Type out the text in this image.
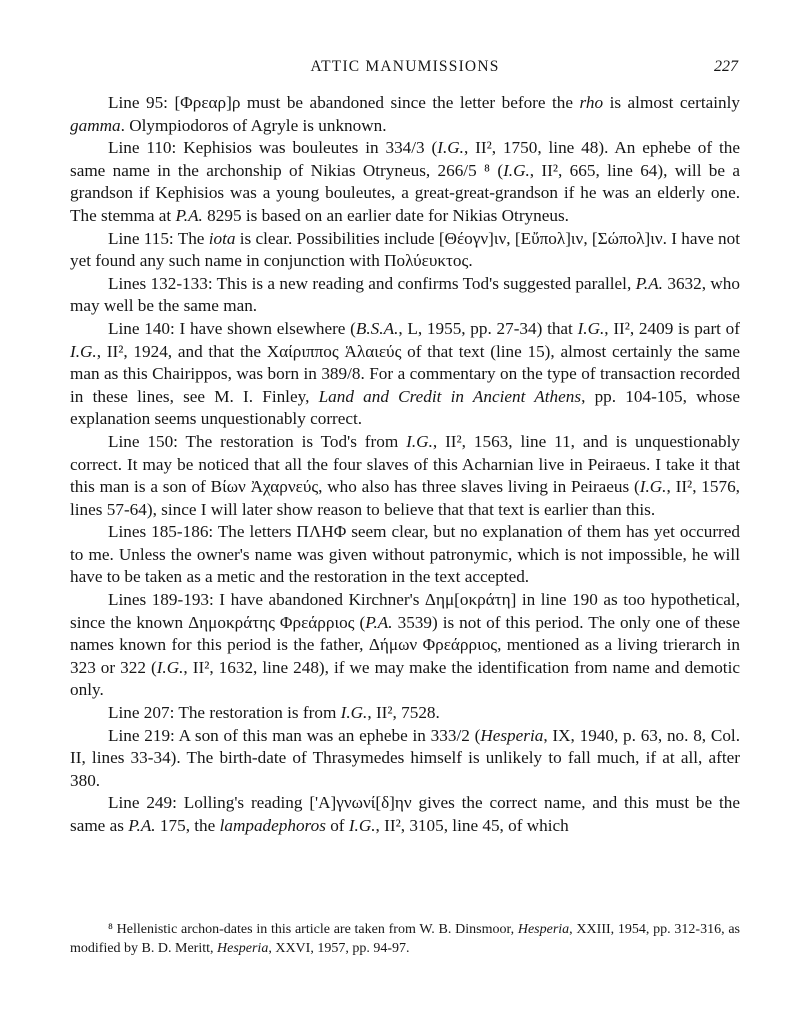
ATTIC MANUMISSIONS	227

Line 95: [Φρεαρ]ρ must be abandoned since the letter before the rho is almost certainly gamma. Olympiodoros of Agryle is unknown.

Line 110: Kephisios was bouleutes in 334/3 (I.G., II², 1750, line 48). An ephebe of the same name in the archonship of Nikias Otryneus, 266/5 ⁸ (I.G., II², 665, line 64), will be a grandson if Kephisios was a young bouleutes, a great-great-grandson if he was an elderly one. The stemma at P.A. 8295 is based on an earlier date for Nikias Otryneus.

Line 115: The iota is clear. Possibilities include [Θέογν]ιν, [Εὔπολ]ιν, [Σώπολ]ιν. I have not yet found any such name in conjunction with Πολύευκτος.

Lines 132-133: This is a new reading and confirms Tod's suggested parallel, P.A. 3632, who may well be the same man.

Line 140: I have shown elsewhere (B.S.A., L, 1955, pp. 27-34) that I.G., II², 2409 is part of I.G., II², 1924, and that the Χαίριππος Ἁλαιεύς of that text (line 15), almost certainly the same man as this Chairippos, was born in 389/8. For a commentary on the type of transaction recorded in these lines, see M. I. Finley, Land and Credit in Ancient Athens, pp. 104-105, whose explanation seems unquestionably correct.

Line 150: The restoration is Tod's from I.G., II², 1563, line 11, and is unquestionably correct. It may be noticed that all the four slaves of this Acharnian live in Peiraeus. I take it that this man is a son of Βίων Ἀχαρνεύς, who also has three slaves living in Peiraeus (I.G., II², 1576, lines 57-64), since I will later show reason to believe that that text is earlier than this.

Lines 185-186: The letters ΠΛΗΦ seem clear, but no explanation of them has yet occurred to me. Unless the owner's name was given without patronymic, which is not impossible, he will have to be taken as a metic and the restoration in the text accepted.

Lines 189-193: I have abandoned Kirchner's Δημ[οκράτη] in line 190 as too hypothetical, since the known Δημοκράτης Φρεάρριος (P.A. 3539) is not of this period. The only one of these names known for this period is the father, Δήμων Φρεάρριος, mentioned as a living trierarch in 323 or 322 (I.G., II², 1632, line 248), if we may make the identification from name and demotic only.

Line 207: The restoration is from I.G., II², 7528.

Line 219: A son of this man was an ephebe in 333/2 (Hesperia, IX, 1940, p. 63, no. 8, Col. II, lines 33-34). The birth-date of Thrasymedes himself is unlikely to fall much, if at all, after 380.

Line 249: Lolling's reading ['Α]γνωνί[δ]ην gives the correct name, and this must be the same as P.A. 175, the lampadephoros of I.G., II², 3105, line 45, of which

⁸ Hellenistic archon-dates in this article are taken from W. B. Dinsmoor, Hesperia, XXIII, 1954, pp. 312-316, as modified by B. D. Meritt, Hesperia, XXVI, 1957, pp. 94-97.
